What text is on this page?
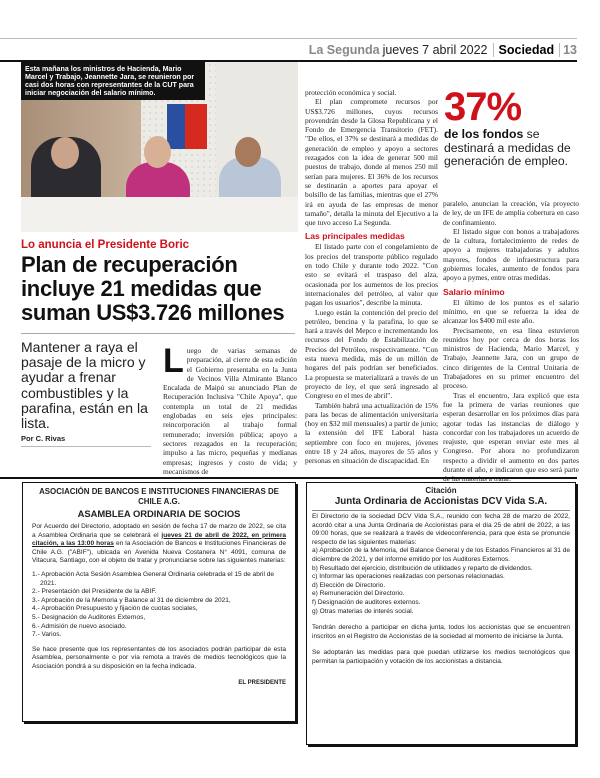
La Segunda jueves 7 abril 2022 Sociedad 13
Esta mañana los ministros de Hacienda, Mario Marcel y Trabajo, Jeannette Jara, se reunieron por casi dos horas con representantes de la CUT para iniciar negociación del salario mínimo.
Lo anuncia el Presidente Boric
Plan de recuperación incluye 21 medidas que suman US$3.726 millones
Mantener a raya el pasaje de la micro y ayudar a frenar combustibles y la parafina, están en la lista.
Por C. Rivas
L uego de varias semanas de preparación, al cierre de esta edición el Gobierno presentaba en la Junta de Vecinos Villa Almirante Blanco Encalada de Maipú su anunciado Plan de Recuperación Inclusiva "Chile Apoya", que contempla un total de 21 medidas englobadas en seis ejes principales: reincorporación al trabajo formal remunerado; inversión pública; apoyo a sectores rezagados en la recuperación; impulso a las micro, pequeñas y medianas empresas; ingresos y costo de vida; y mecanismos de

protección económica y social.

El plan compromete recursos por US$3.726 millones, cuyos recursos provendrán desde la Glosa Republicana y el Fondo de Emergencia Transitorio (FET). "De ellos, el 37% se destinará a medidas de generación de empleo y apoyo a sectores rezagados con la idea de generar 500 mil puestos de trabajo, donde al menos 250 mil serían para mujeres. El 36% de los recursos se destinarán a aportes para apoyar el bolsillo de las familias, mientras que el 27% irá en ayuda de las empresas de menor tamaño", detalla la minuta del Ejecutivo a la que tuvo acceso La Segunda.

Las principales medidas

El listado parte con el congelamiento de los precios del transporte público regulado en todo Chile y durante todo 2022. "Con esto se evitará el traspaso del alza, ocasionada por los aumentos de los precios internacionales del petróleo, al valor que pagan los usuarios", describe la minuta.

Luego están la contención del precio del petróleo, bencina y la parafina, lo que se hará a través del Mepco e incrementando los recursos del Fondo de Estabilización de Precios del Petróleo, respectivamente. "Con esta nueva medida, más de un millón de hogares del país podrían ser beneficiados. La propuesta se materializará a través de un proyecto de ley, el que será ingresado al Congreso en el mes de abril".

También habrá una actualización de 15% para las becas de alimentación universitaria (hoy en $32 mil mensuales) a partir de junio; la extensión del IFE Laboral hasta septiembre con foco en mujeres, jóvenes entre 18 y 24 años, mayores de 55 años y personas en situación de discapacidad. En

37%
de los fondos se destinará a medidas de generación de empleo.

paralelo, anuncian la creación, vía proyecto de ley, de un IFE de amplia cobertura en caso de confinamiento.

El listado sigue con bonos a trabajadores de la cultura, fortalecimiento de redes de apoyo a mujeres trabajadoras y adultos mayores, fondos de infraestructura para gobiernos locales, aumento de fondos para apoyo a pymes, entre otras medidas.

Salario mínimo

El último de los puntos es el salario mínimo, en que se refuerza la idea de alcanzar los $400 mil este año.

Precisamente, en esa línea estuvieron reunidos hoy por cerca de dos horas los ministros de Hacienda, Mario Marcel, y Trabajo, Jeannette Jara, con un grupo de cinco dirigentes de la Central Unitaria de Trabajadores en su primer encuentro del proceso.

Tras el encuentro, Jara explicó que esta fue la primera de varias reuniones que esperan desarrollar en los próximos días para agotar todas las instancias de diálogo y concordar con los trabajadores un acuerdo de reajuste, que esperan enviar este mes al Congreso. Por ahora no profundizaron respecto a dividir el aumento en dos partes durante el año, e indicaron que eso será parte de las materias a tratar.

ASOCIACIÓN DE BANCOS E INSTITUCIONES FINANCIERAS DE CHILE A.G.
ASAMBLEA ORDINARIA DE SOCIOS

Por Acuerdo del Directorio, adoptado en sesión de fecha 17 de marzo de 2022, se cita a Asamblea Ordinaria que se celebrará el jueves 21 de abril de 2022, en primera citación, a las 13:00 horas en la Asociación de Bancos e Instituciones Financieras de Chile A.G. ("ABIF"), ubicada en Avenida Nueva Costanera N° 4091, comuna de Vitacura, Santiago, con el objeto de tratar y pronunciarse sobre las siguientes materias:

1.- Aprobación Acta Sesión Asamblea General Ordinaria celebrada el 15 de abril de 2021.
2.- Presentación del Presidente de la ABIF.
3.- Aprobación de la Memoria y Balance al 31 de diciembre de 2021,
4.- Aprobación Presupuesto y fijación de cuotas sociales,
5.- Designación de Auditores Externos,
6.- Admisión de nuevo asociado.
7.- Varios.

Se hace presente que los representantes de los asociados podrán participar de esta Asamblea, personalmente o por vía remota a través de medios tecnológicos que la Asociación pondrá a su disposición en la fecha indicada.

EL PRESIDENTE
Citación
Junta Ordinaria de Accionistas DCV Vida S.A.

El Directorio de la sociedad DCV Vida S.A., reunido con fecha 28 de marzo de 2022, acordó citar a una Junta Ordinaria de Accionistas para el día 25 de abril de 2022, a las 09:00 horas, que se realizará a través de videoconferencia, para que ésta se pronuncie respecto de las siguientes materias:

a) Aprobación de la Memoria, del Balance General y de los Estados Financieros al 31 de diciembre de 2021, y del informe emitido por los Auditores Externos.
b) Resultado del ejercicio, distribución de utilidades y reparto de dividendos.
c) Informar las operaciones realizadas con personas relacionadas.
d) Elección de Directorio.
e) Remuneración del Directorio.
f) Designación de auditores externos.
g) Otras materias de interés social.

Tendrán derecho a participar en dicha junta, todos los accionistas que se encuentren inscritos en el Registro de Accionistas de la sociedad al momento de iniciarse la Junta.

Se adoptarán las medidas para que puedan utilizarse los medios tecnológicos que permitan la participación y votación de los accionistas a distancia.
